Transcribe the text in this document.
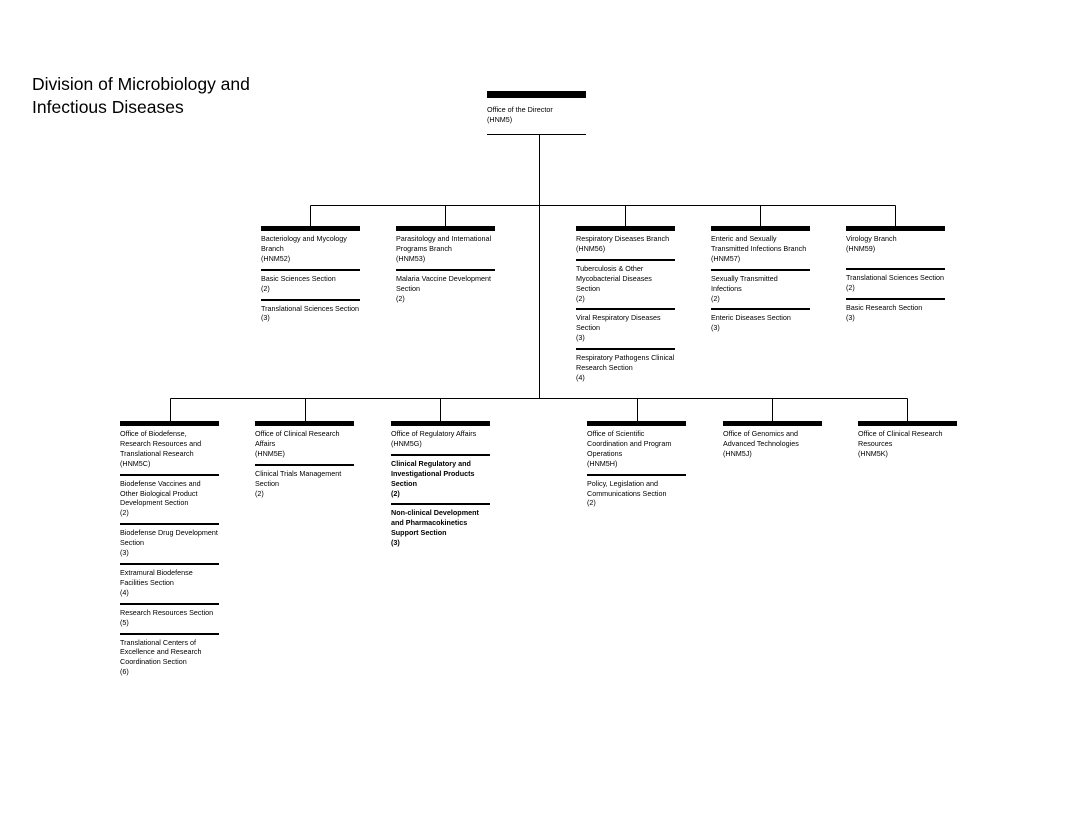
Division of Microbiology and
Infectious Diseases	Office of the Director
(HNM5)
Bacteriology and Mycology Branch
(HNM52)
Basic Sciences Section
(2)
Translational Sciences Section
(3)
Parasitology and International Programs Branch
(HNM53)
Malaria Vaccine Development Section
(2)
Respiratory Diseases Branch
(HNM56)
Tuberculosis & Other Mycobacterial Diseases Section
(2)
Viral Respiratory Diseases Section
(3)
Respiratory Pathogens Clinical Research Section
(4)
Enteric and Sexually Transmitted Infections Branch
(HNM57)
Sexually Transmitted Infections
(2)
Enteric Diseases Section
(3)
Virology Branch
(HNM59)
Translational Sciences Section
(2)
Basic Research Section
(3)
Office of Biodefense, Research Resources and Translational Research
(HNM5C)
Biodefense Vaccines and Other Biological Product Development Section
(2)
Biodefense Drug Development Section
(3)
Extramural Biodefense Facilities Section
(4)
Research Resources Section
(5)
Translational Centers of Excellence and Research Coordination Section
(6)
Office of Clinical Research Affairs
(HNM5E)
Clinical Trials Management Section
(2)
Office of Regulatory Affairs
(HNM5G)
Clinical Regulatory and Investigational Products Section
(2)
Non-clinical Development and Pharmacokinetics Support Section
(3)
Office of Scientific Coordination and Program Operations
(HNM5H)
Policy, Legislation and Communications Section
(2)
Office of Genomics and Advanced Technologies
(HNM5J)
Office of Clinical Research Resources
(HNM5K)
